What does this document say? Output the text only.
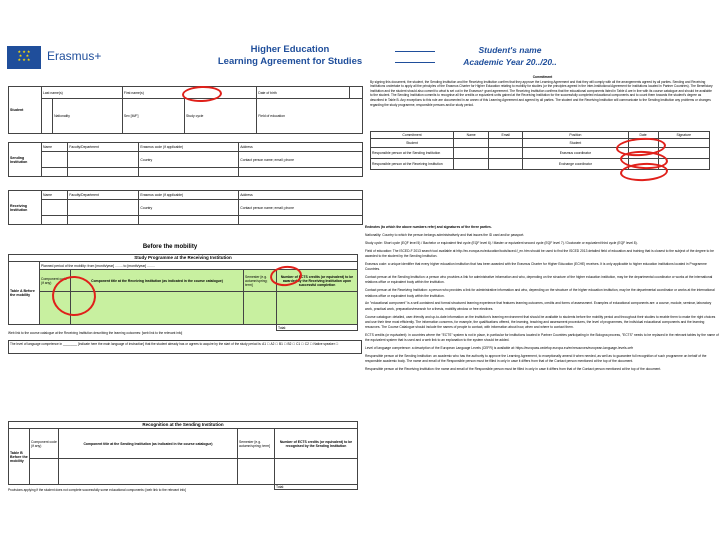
★ ★ ★
★   ★
★ ★ ★	Erasmus+	Higher Education
Learning Agreement for Studies
Student's name
Academic Year 20../20..
Student	Last name(s)		First name(s)		Date of birth	
		Nationality	Sex [M/F]	Study cycle	Field of education	
Sending Institution	Name	Faculty/Department	Erasmus code (if applicable)	Address
			Country	Contact person name; email; phone

Receiving Institution	Name	Faculty/Department	Erasmus code (if applicable)	Address
			Country	Contact person name; email; phone

Before the mobility
Study Programme at the Receiving Institution				
Table A Before the mobility	Planned period of the mobility: from [month/year] ........ to [month/year] ........			
	Component code (if any)	Component title at the Receiving Institution (as indicated in the course catalogue)	Semester [e.g. autumn/spring; term]	Number of ECTS credits (or equivalent) to be awarded by the Receiving Institution upon successful completion

				Total:
Web link to the course catalogue at the Receiving Institution describing the learning outcomes: [web link to the relevant info]
The level of language competence in ________ [indicate here the main language of instruction] that the student already has or agrees to acquire by the start of the study period is: A1 ☐ A2 ☐ B1 ☐ B2 ☐ C1 ☐ C2 ☐ Native speaker ☐
Recognition at the Sending Institution				
Table B Before the mobility	Component code (if any)	Component title at the Sending Institution (as indicated in the course catalogue)	Semester [e.g. autumn/spring; term]	Number of ECTS credits (or equivalent) to be recognised by the Sending Institution

				Total:
Provisions applying if the student does not complete successfully some educational components: [web link to the relevant info]
Commitment
By signing this document, the student, the Sending Institution and the Receiving Institution confirm that they approve the Learning Agreement and that they will comply with all the arrangements agreed by all parties. Sending and Receiving Institutions undertake to apply all the principles of the Erasmus Charter for Higher Education relating to mobility for studies (or the principles agreed in the Inter-Institutional Agreement for institutions located in Partner Countries). The Beneficiary Institution and the student should also commit to what is set out in the Erasmus+ grant agreement. The Receiving Institution confirms that the educational components listed in Table A are in line with its course catalogue and should be available to the student. The Sending Institution commits to recognise all the credits or equivalent units gained at the Receiving Institution for the successfully completed educational components and to count them towards the student's degree as described in Table B. Any exceptions to this rule are documented in an annex of this Learning Agreement and agreed by all parties. The student and the Receiving Institution will communicate to the Sending Institution any problems or changes regarding the study programme, responsible persons and/or study period.
Commitment	Name	Email	Position	Date	Signature
Student			Student		
Responsible person at the Sending Institution			Erasmus coordinator		
Responsible person at the Receiving Institution			Exchange coordinator		

Endnotes (to which the above numbers refer) and signatures of the three parties.

Nationality: Country to which the person belongs administratively and that issues the ID card and/or passport.

Study cycle: Short cycle (EQF level 5) / Bachelor or equivalent first cycle (EQF level 6) / Master or equivalent second cycle (EQF level 7) / Doctorate or equivalent third cycle (EQF level 8).

Field of education: The ISCED-F 2013 search tool available at http://ec.europa.eu/education/tools/isced-f_en.htm should be used to find the ISCED 2013 detailed field of education and training that is closest to the subject of the degree to be awarded to the student by the Sending Institution.

Erasmus code: a unique identifier that every higher education institution that has been awarded with the Erasmus Charter for Higher Education (ECHE) receives. It is only applicable to higher education institutions located in Programme Countries.

Contact person at the Sending Institution: a person who provides a link for administrative information and who, depending on the structure of the higher education institution, may be the departmental coordinator or works at the international relations office or equivalent body within the institution.

Contact person at the Receiving Institution: a person who provides a link for administrative information and who, depending on the structure of the higher education institution, may be the departmental coordinator or works at the international relations office or equivalent body within the institution.

An "educational component" is a self-contained and formal structured learning experience that features learning outcomes, credits and forms of assessment. Examples of educational components are: a course, module, seminar, laboratory work, practical work, preparation/research for a thesis, mobility window or free electives.

Course catalogue: detailed, user-friendly and up-to-date information on the institution's learning environment that should be available to students before the mobility period and throughout their studies to enable them to make the right choices and use their time most efficiently. The information concerns, for example, the qualifications offered, the learning, teaching and assessment procedures, the level of programmes, the individual educational components and the learning resources. The Course Catalogue should include the names of people to contact, with information about how, when and where to contact them.

ECTS credits (or equivalent): in countries where the "ECTS" system is not in place, in particular for institutions located in Partner Countries participating in the Bologna process, "ECTS" needs to be replaced in the relevant tables by the name of the equivalent system that is used and a web link to an explanation to the system should be added.

Level of language competence: a description of the European Language Levels (CEFR) is available at: https://europass.cedefop.europa.eu/en/resources/european-language-levels-cefr

Responsible person at the Sending Institution: an academic who has the authority to approve the Learning Agreement, to exceptionally amend it when needed, as well as to guarantee full recognition of such programme on behalf of the responsible academic body. The name and email of the Responsible person must be filled in only in case it differs from that of the Contact person mentioned at the top of the document.

Responsible person at the Receiving Institution: the name and email of the Responsible person must be filled in only in case it differs from that of the Contact person mentioned at the top of the document.
